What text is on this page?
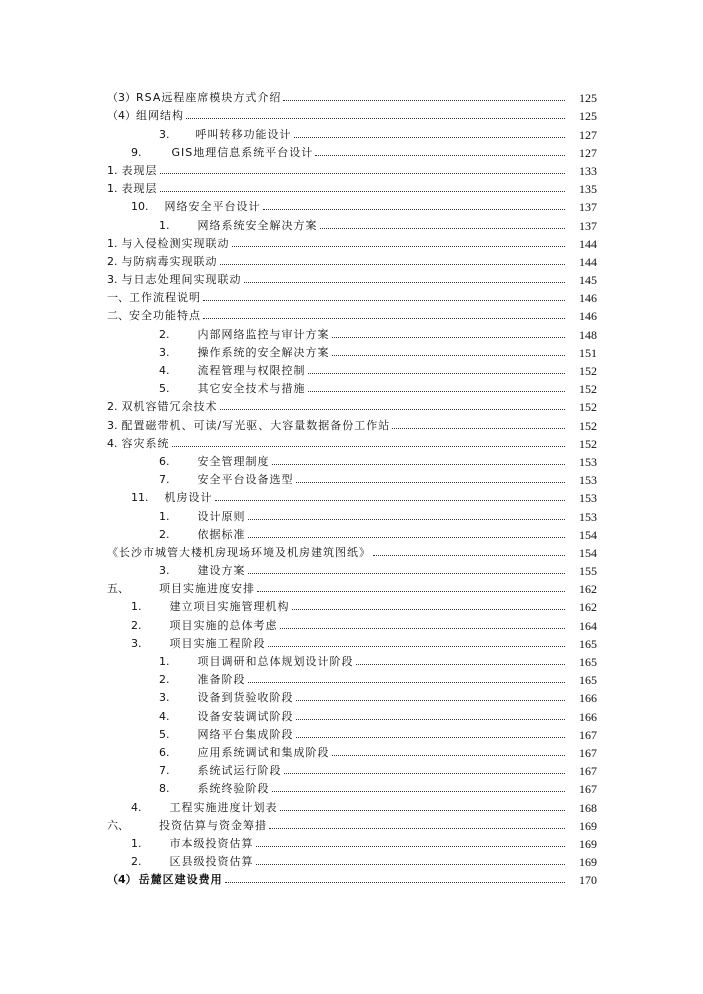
（3） RSA远程座席模块方式介绍	125
（4） 组网结构	125
3. 呼叫转移功能设计	127
9.	GIS地理信息系统平台设计	127
1. 表现层	133
1. 表现层	135
10. 网络安全平台设计	137
1.	网络系统安全解决方案	137
1. 与入侵检测实现联动	144
2. 与防病毒实现联动	144
3. 与日志处理间实现联动	145
一、 工作流程说明	146
二、 安全功能特点	146
2.	内部网络监控与审计方案	148
3.	操作系统的安全解决方案	151
4.	流程管理与权限控制	152
5.	其它安全技术与措施	152
2. 双机容错冗余技术	152
3. 配置磁带机、可读/写光驱、大容量数据备份工作站	152
4. 容灾系统	152
6.	安全管理制度	153
7.	安全平台设备选型	153
11. 机房设计	153
1.	设计原则	153
2.	依据标准	154
《长沙市城管大楼机房现场环境及机房建筑图纸》	154
3.	建设方案	155
五、	项目实施进度安排	162
1.	建立项目实施管理机构	162
2.	项目实施的总体考虑	164
3.	项目实施工程阶段	165
1.	项目调研和总体规划设计阶段	165
2.	准备阶段	165
3.	设备到货验收阶段	166
4.	设备安装调试阶段	166
5.	网络平台集成阶段	167
6.	应用系统调试和集成阶段	167
7.	系统试运行阶段	167
8.	系统终验阶段	167
4.	工程实施进度计划表	168
六、	投资估算与资金筹措	169
1.	市本级投资估算	169
2.	区县级投资估算	169
（4） 岳麓区建设费用	170
